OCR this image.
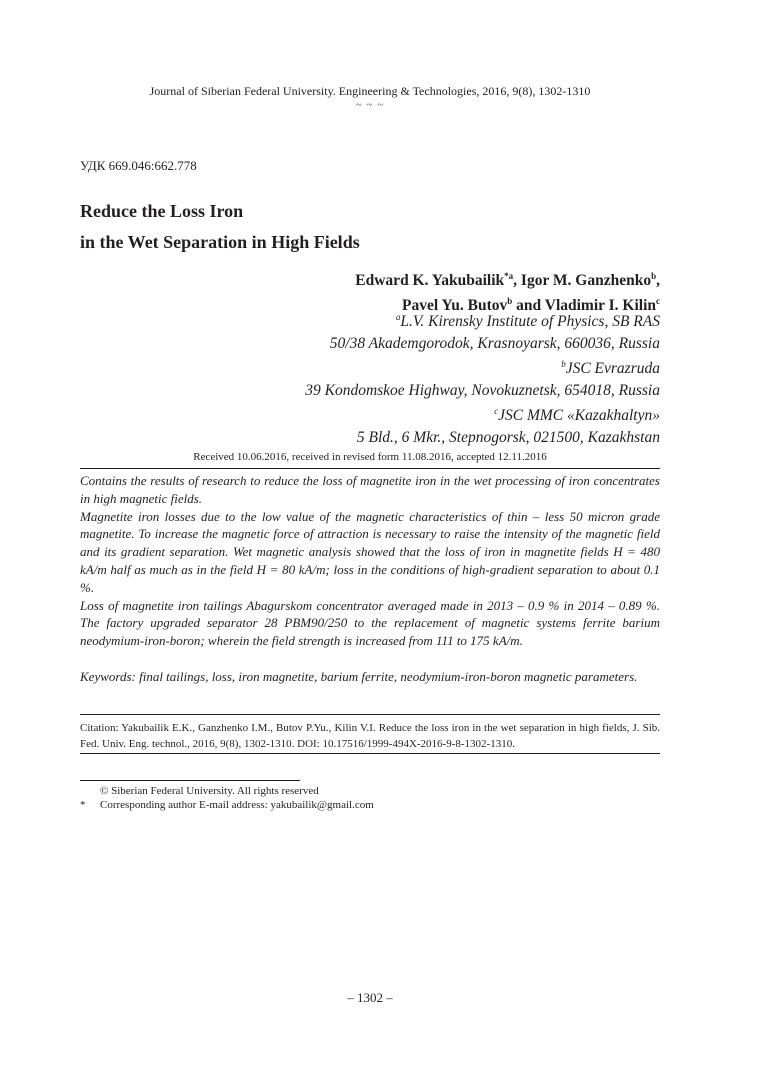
Journal of Siberian Federal University. Engineering & Technologies, 2016, 9(8), 1302-1310
~ ~ ~
УДК 669.046:662.778
Reduce the Loss Iron
in the Wet Separation in High Fields
Edward K. Yakubailik$^{*a}$, Igor M. Ganzhenko$^b$,
Pavel Yu. Butov$^b$ and Vladimir I. Kilin$^c$
$^a$L.V. Kirensky Institute of Physics, SB RAS
50/38 Akademgorodok, Krasnoyarsk, 660036, Russia
$^b$JSC Evrazruda
39 Kondomskoe Highway, Novokuznetsk, 654018, Russia
$^c$JSC MMC «Kazakhaltyn»
5 Bld., 6 Mkr., Stepnogorsk, 021500, Kazakhstan
Received 10.06.2016, received in revised form 11.08.2016, accepted 12.11.2016

Contains the results of research to reduce the loss of magnetite iron in the wet processing of iron concentrates in high magnetic fields.

Magnetite iron losses due to the low value of the magnetic characteristics of thin – less 50 micron grade magnetite. To increase the magnetic force of attraction is necessary to raise the intensity of the magnetic field and its gradient separation. Wet magnetic analysis showed that the loss of iron in magnetite fields H = 480 kA/m half as much as in the field H = 80 kA/m; loss in the conditions of high-gradient separation to about 0.1 %.

Loss of magnetite iron tailings Abagurskom concentrator averaged made in 2013 – 0.9 % in 2014 – 0.89 %. The factory upgraded separator 28 PBM90/250 to the replacement of magnetic systems ferrite barium neodymium-iron-boron; wherein the field strength is increased from 111 to 175 kA/m.

Keywords: final tailings, loss, iron magnetite, barium ferrite, neodymium-iron-boron magnetic parameters.
Citation: Yakubailik E.K., Ganzhenko I.M., Butov P.Yu., Kilin V.I. Reduce the loss iron in the wet separation in high fields, J. Sib. Fed. Univ. Eng. technol., 2016, 9(8), 1302-1310. DOI: 10.17516/1999-494X-2016-9-8-1302-1310.
© Siberian Federal University. All rights reserved
*	Corresponding author E-mail address: yakubailik@gmail.com
– 1302 –
